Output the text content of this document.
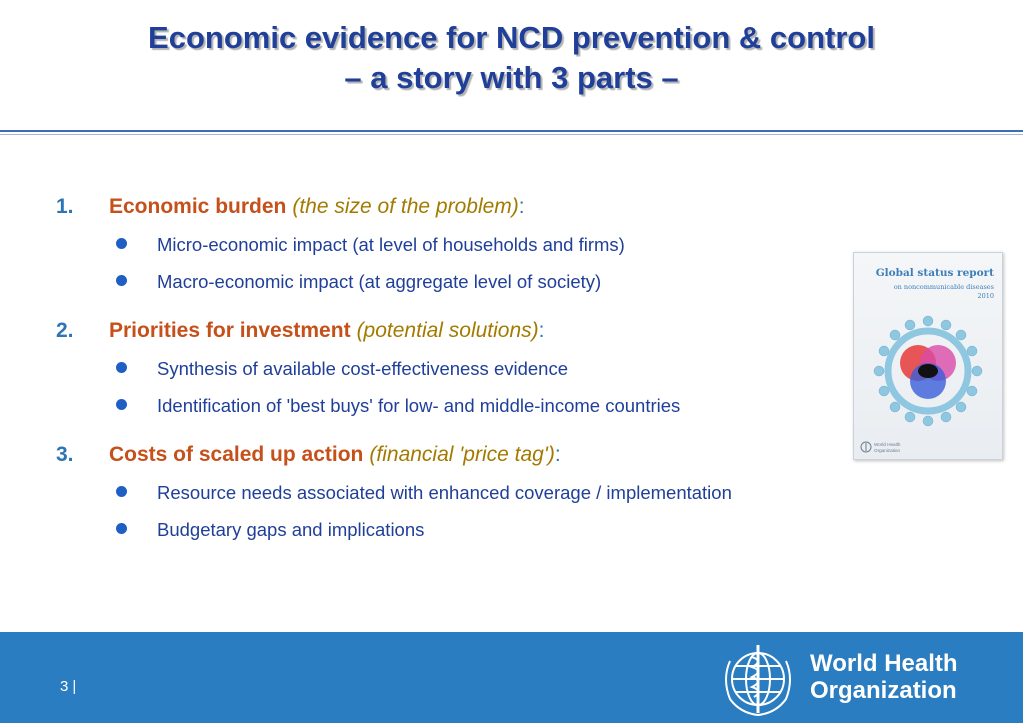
Economic evidence for NCD prevention & control
– a story with 3 parts –
1.	Economic burden (the size of the problem) :
Micro-economic impact (at level of households and firms)
Macro-economic impact (at aggregate level of society)
2.	Priorities for investment (potential solutions) :
Synthesis of available cost-effectiveness evidence
Identification of 'best buys' for low- and middle-income countries
3.	Costs of scaled up action (financial 'price tag') :
Resource needs associated with enhanced coverage / implementation
Budgetary gaps and implications
Global status report
on noncommunicable diseases
2010
World Health
Organization
3 |
World Health
Organization
